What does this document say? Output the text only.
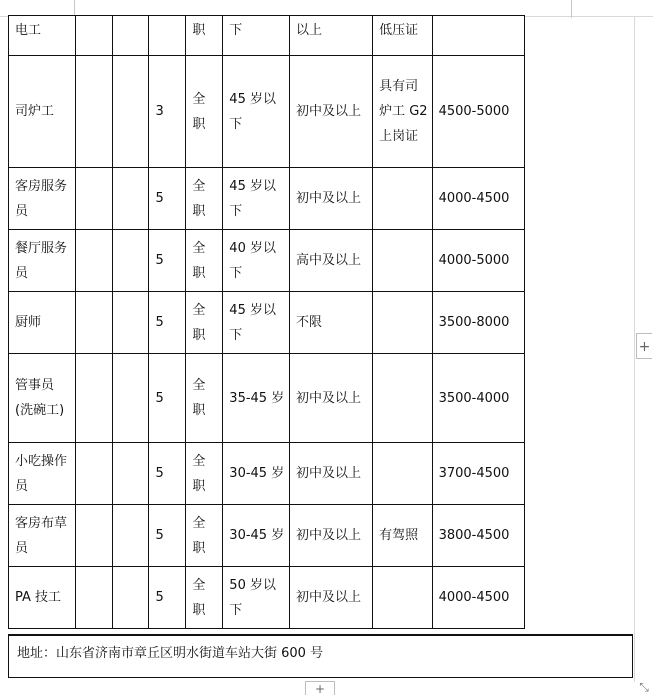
电工				职	下	以上	低压证	
司炉工			3	全职	45 岁以下	初中及以上	具有司炉工 G2 上岗证	4500-5000
客房服务员			5	全职	45 岁以下	初中及以上		4000-4500
餐厅服务员			5	全职	40 岁以下	高中及以上		4000-5000
厨师			5	全职	45 岁以下	不限		3500-8000
管事员(洗碗工)			5	全职	35-45 岁	初中及以上		3500-4000
小吃操作员			5	全职	30-45 岁	初中及以上		3700-4500
客房布草员			5	全职	30-45 岁	初中及以上	有驾照	3800-4500
PA 技工			5	全职	50 岁以下	初中及以上		4000-4500
地址：山东省济南市章丘区明水街道车站大街 600 号
+
+	⤡
